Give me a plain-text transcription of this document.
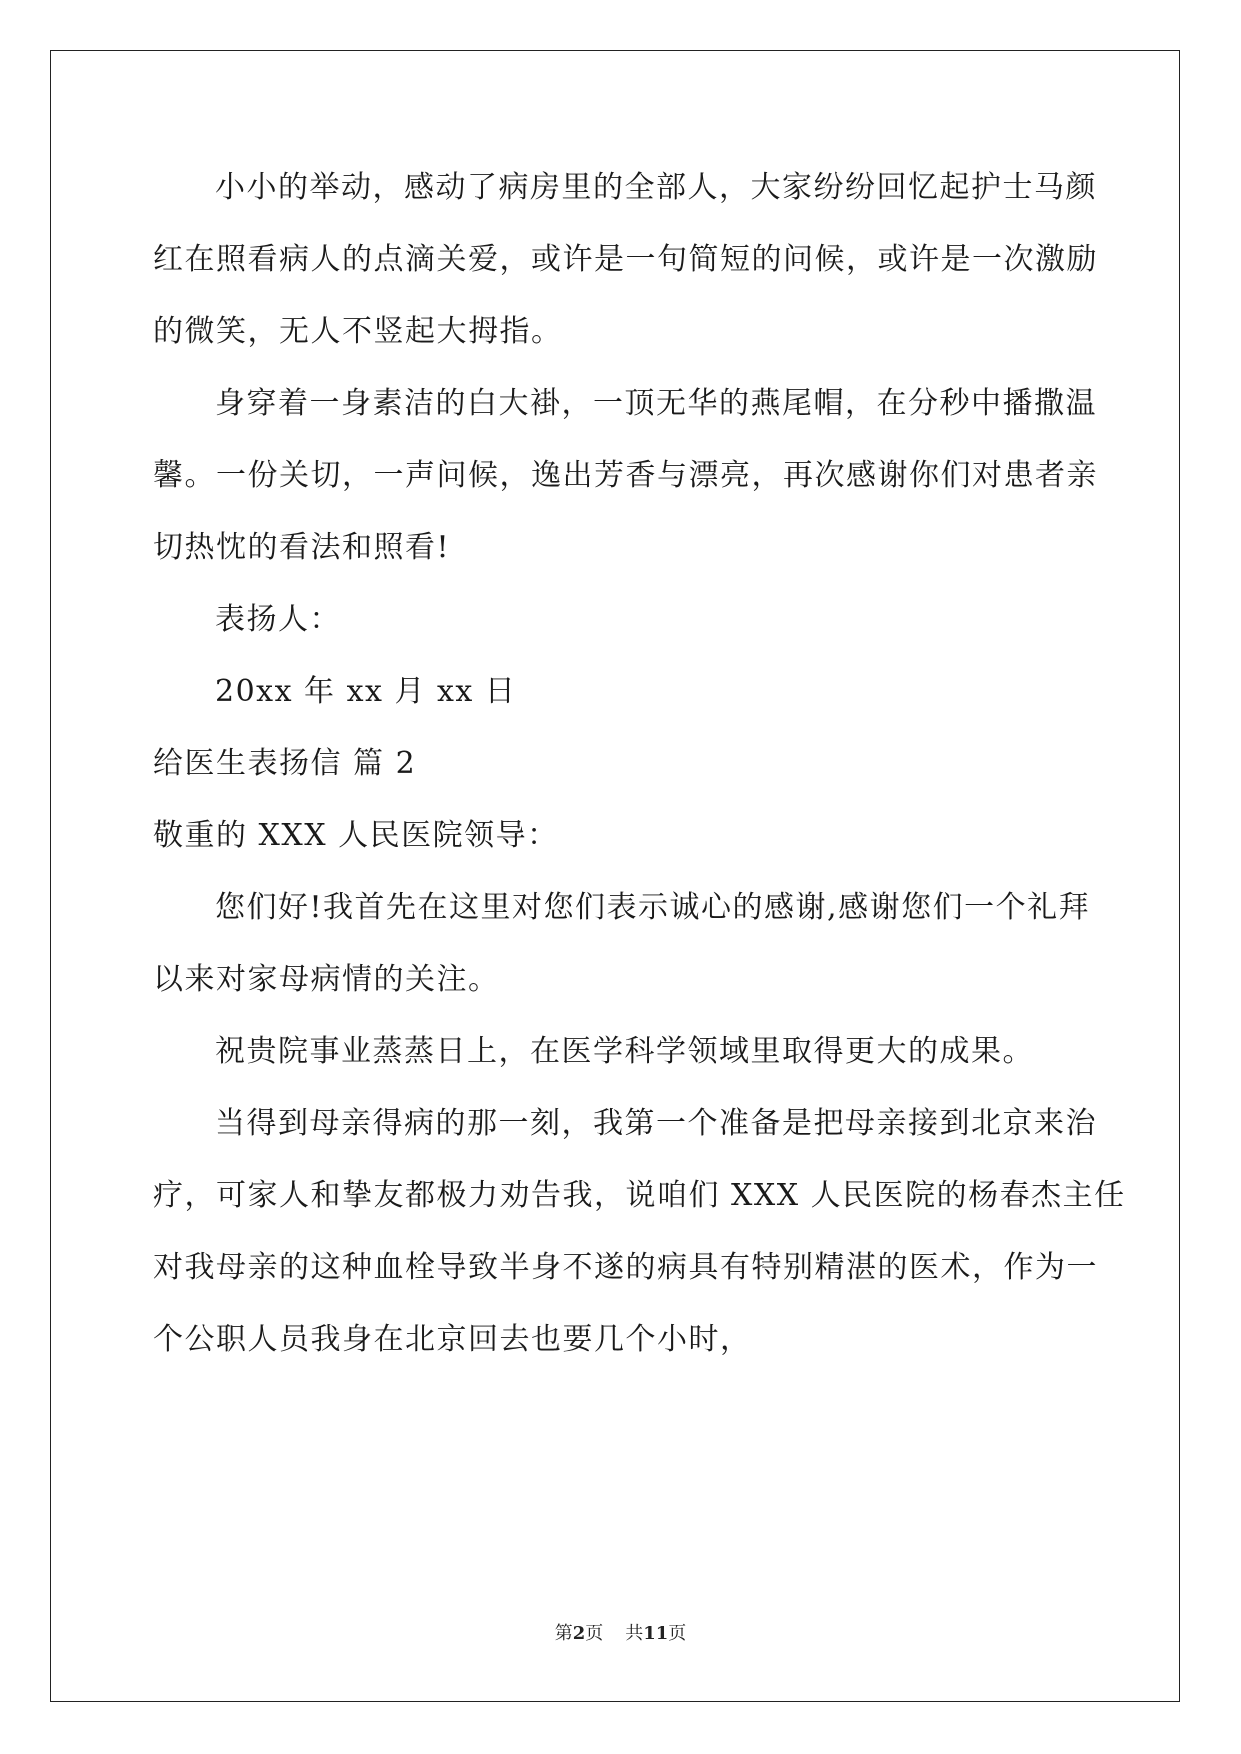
小小的举动，感动了病房里的全部人，大家纷纷回忆起护士马颜
红在照看病人的点滴关爱，或许是一句简短的问候，或许是一次激励
的微笑，无人不竖起大拇指。
身穿着一身素洁的白大褂，一顶无华的燕尾帽，在分秒中播撒温
馨。一份关切，一声问候，逸出芳香与漂亮，再次感谢你们对患者亲
切热忱的看法和照看!
表扬人：
20xx 年 xx 月 xx 日
给医生表扬信 篇 2
敬重的 XXX 人民医院领导：
您们好!我首先在这里对您们表示诚心的感谢,感谢您们一个礼拜
以来对家母病情的关注。
祝贵院事业蒸蒸日上，在医学科学领域里取得更大的成果。
当得到母亲得病的那一刻，我第一个准备是把母亲接到北京来治
疗，可家人和挚友都极力劝告我，说咱们 XXX 人民医院的杨春杰主任
对我母亲的这种血栓导致半身不遂的病具有特别精湛的医术，作为一
个公职人员我身在北京回去也要几个小时，
第2页 共11页
